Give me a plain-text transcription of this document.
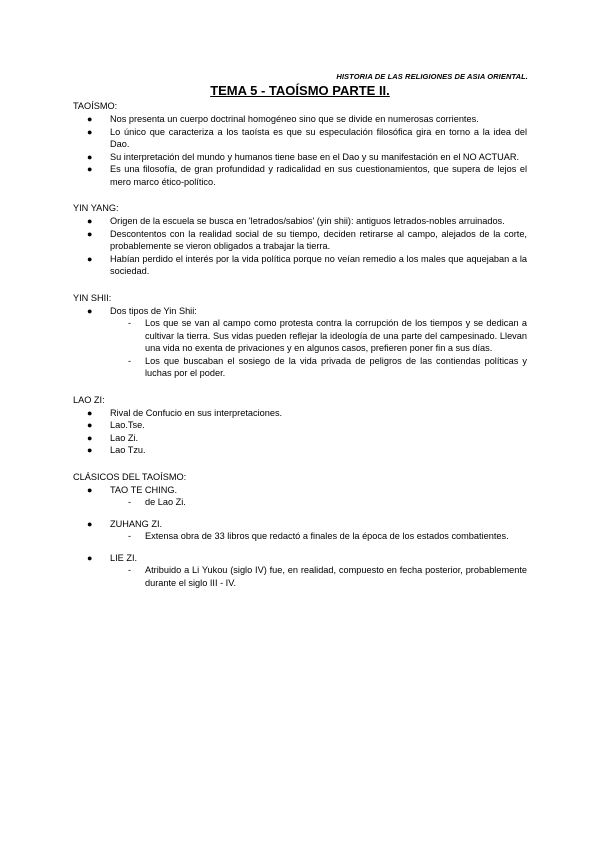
HISTORIA DE LAS RELIGIONES DE ASIA ORIENTAL.
TEMA 5 - TAOÍSMO PARTE II.

TAOÍSMO:

● Nos presenta un cuerpo doctrinal homogéneo sino que se divide en numerosas corrientes.
● Lo único que caracteriza a los taoísta es que su especulación filosófica gira en torno a la idea del Dao.
● Su interpretación del mundo y humanos tiene base en el Dao y su manifestación en el NO ACTUAR.
● Es una filosofía, de gran profundidad y radicalidad en sus cuestionamientos, que supera de lejos el mero marco ético-político.

YIN YANG:

● Origen de la escuela se busca en 'letrados/sabios' (yin shii): antiguos letrados-nobles arruinados.
● Descontentos con la realidad social de su tiempo, deciden retirarse al campo, alejados de la corte, probablemente se vieron obligados a trabajar la tierra.
● Habían perdido el interés por la vida política porque no veían remedio a los males que aquejaban a la sociedad.

YIN SHII:

● Dos tipos de Yin Shii:
- Los que se van al campo como protesta contra la corrupción de los tiempos y se dedican a cultivar la tierra. Sus vidas pueden reflejar la ideología de una parte del campesinado. Llevan una vida no exenta de privaciones y en algunos casos, prefieren poner fin a sus días.
- Los que buscaban el sosiego de la vida privada de peligros de las contiendas políticas y luchas por el poder.

LAO ZI:

● Rival de Confucio en sus interpretaciones.
● Lao.Tse.
● Lao Zi.
● Lao Tzu.

CLÁSICOS DEL TAOÍSMO:

● TAO TE CHING.
- de Lao Zi.
● ZUHANG ZI.
- Extensa obra de 33 libros que redactó a finales de la época de los estados combatientes.
● LIE ZI.
- Atribuido a Li Yukou (siglo IV) fue, en realidad, compuesto en fecha posterior, probablemente durante el siglo III - IV.
